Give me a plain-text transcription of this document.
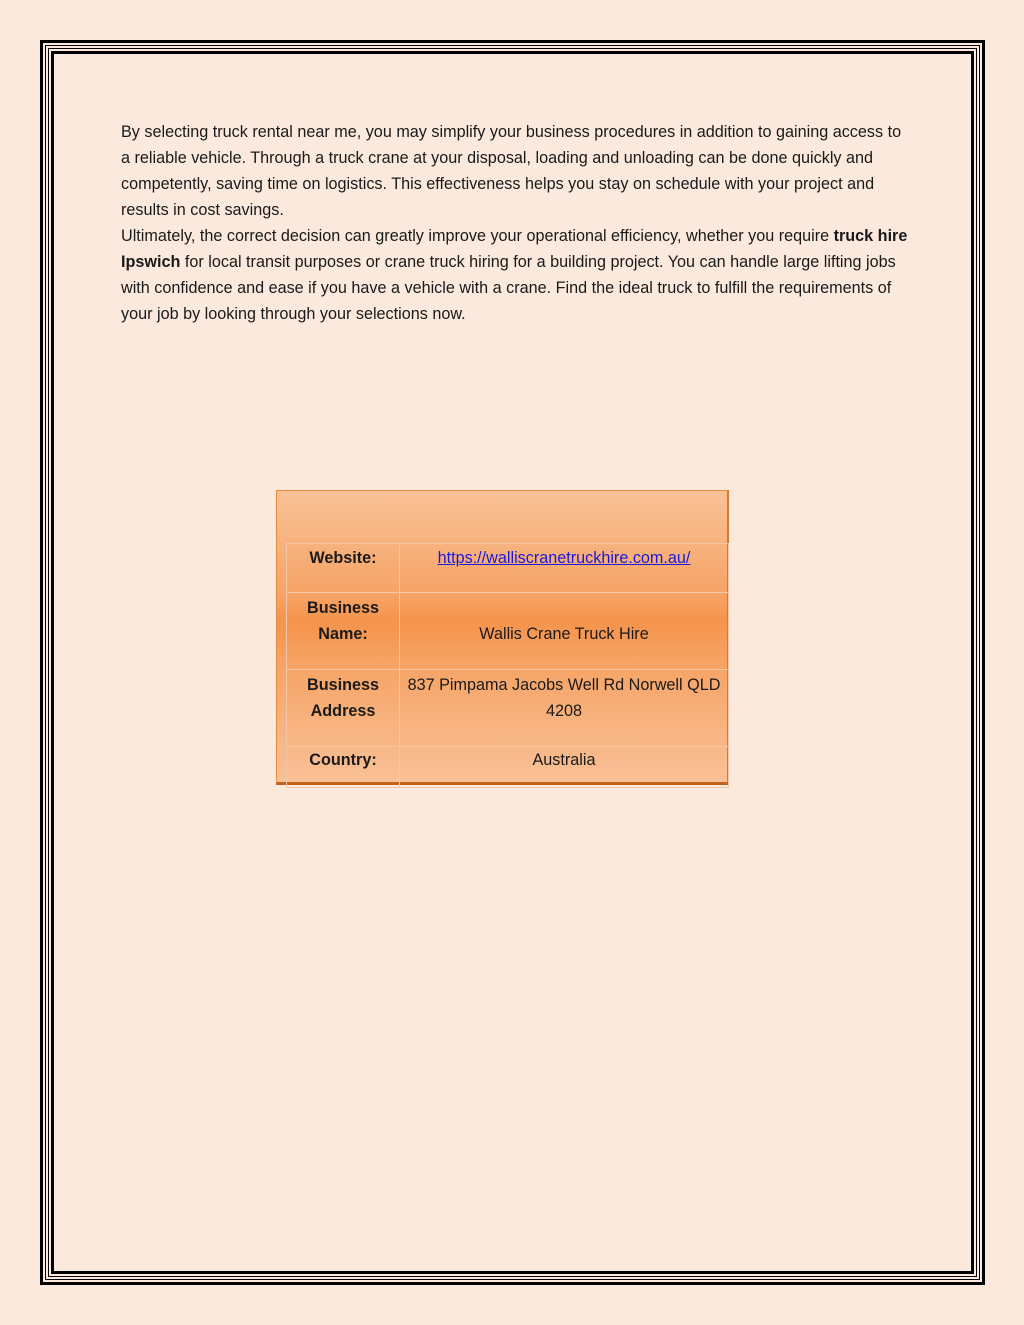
By selecting truck rental near me, you may simplify your business procedures in addition to gaining access to a reliable vehicle. Through a truck crane at your disposal, loading and unloading can be done quickly and competently, saving time on logistics. This effectiveness helps you stay on schedule with your project and results in cost savings.

Ultimately, the correct decision can greatly improve your operational efficiency, whether you require truck hire Ipswich for local transit purposes or crane truck hiring for a building project. You can handle large lifting jobs with confidence and ease if you have a vehicle with a crane. Find the ideal truck to fulfill the requirements of your job by looking through your selections now.

Website:	https://walliscranetruckhire.com.au/
Business Name:	Wallis Crane Truck Hire

Business Address	837 Pimpama Jacobs Well Rd Norwell QLD 4208
Country:	Australia
